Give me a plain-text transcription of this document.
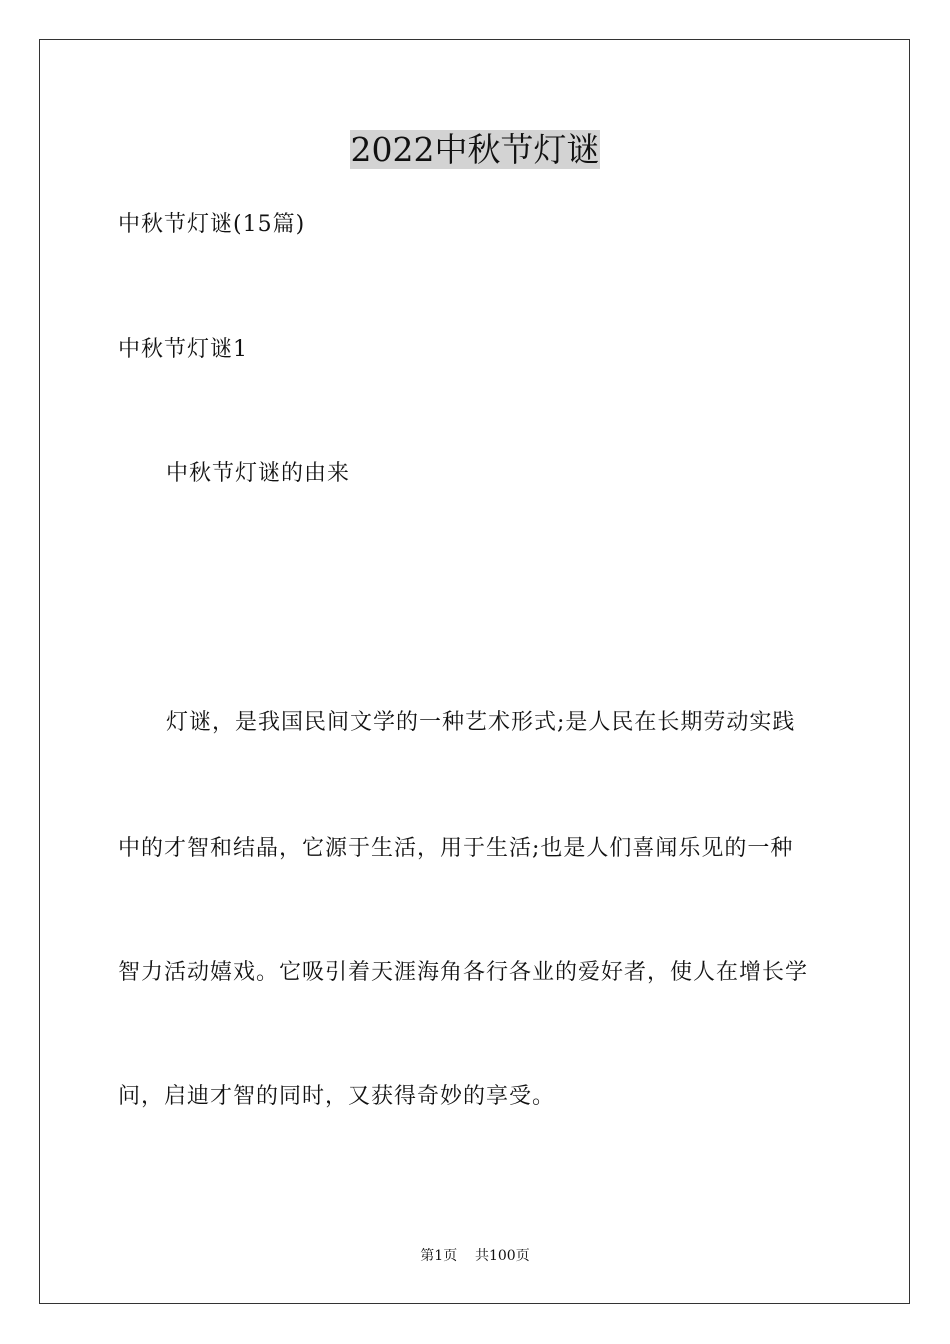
2022中秋节灯谜

中秋节灯谜(15篇)

中秋节灯谜1

中秋节灯谜的由来

灯谜，是我国民间文学的一种艺术形式;是人民在长期劳动实践

中的才智和结晶，它源于生活，用于生活;也是人们喜闻乐见的一种

智力活动嬉戏。它吸引着天涯海角各行各业的爱好者，使人在增长学

问，启迪才智的同时，又获得奇妙的享受。

第1页    共100页
